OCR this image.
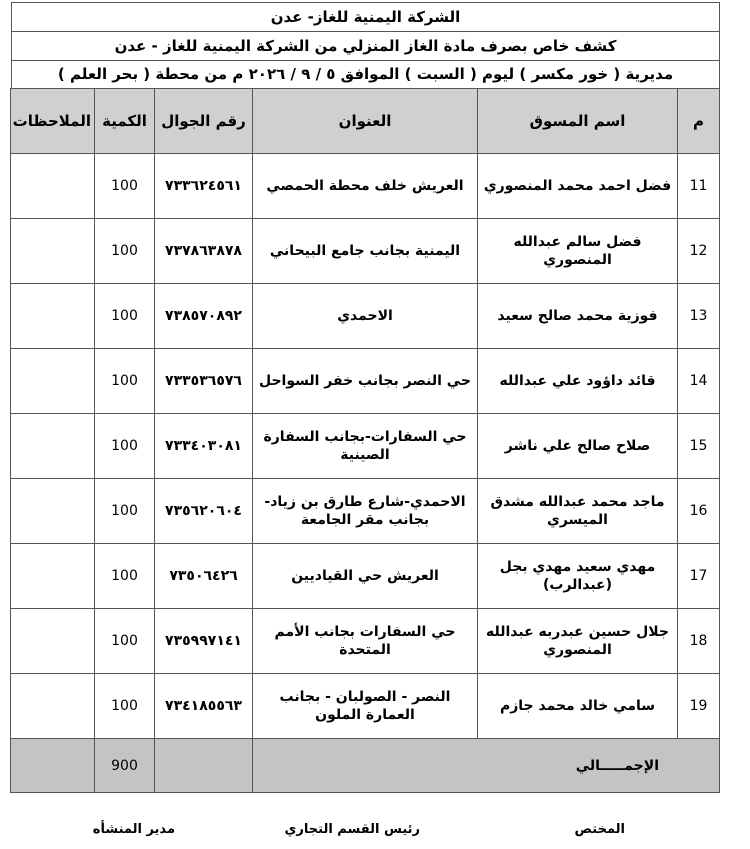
الشركة اليمنية للغاز- عدن
كشف خاص بصرف مادة الغاز المنزلي من الشركة اليمنية للغاز - عدن
مديرية ( خور مكسر ) ليوم ( السبت ) الموافق ٥ / ٩ / ٢٠٢٦ م من محطة ( بحر العلم )
م	اسم المسوق	العنوان	رقم الجوال	الكمية	الملاحظات
11	فضل احمد محمد المنصوري	العريش خلف محطة الحمصي	٧٣٣٦٢٤٥٦١	100	
12	فضل سالم عبدالله المنصوري	اليمنية بجانب جامع البيحاني	٧٣٧٨٦٣٨٧٨	100	
13	فوزية محمد صالح سعيد	الاحمدي	٧٣٨٥٧٠٨٩٢	100	
14	قائد داؤود علي عبدالله	حي النصر بجانب خفر السواحل	٧٣٣٥٣٦٥٧٦	100	
15	صلاح صالح علي ناشر	حي السفارات-بجانب السفارة الصينية	٧٣٣٤٠٣٠٨١	100	
16	ماجد محمد عبدالله مشدق الميسري	الاحمدي-شارع طارق بن زياد-بجانب مقر الجامعة	٧٣٥٦٢٠٦٠٤	100	
17	مهدي سعيد مهدي بجل (عبدالرب)	العريش حي القياديين	٧٣٥٠٦٤٢٦	100	
18	جلال حسين عبدربه عبدالله المنصوري	حي السفارات بجانب الأمم المتحدة	٧٣٥٩٩٧١٤١	100	
19	سامي خالد محمد جازم	النصر - الصولبان - بجانب العمارة الملون	٧٣٤١٨٥٥٦٣	100	
الإجمـــــالي				900	
المختص
رئيس القسم التجاري
مدير المنشأه
